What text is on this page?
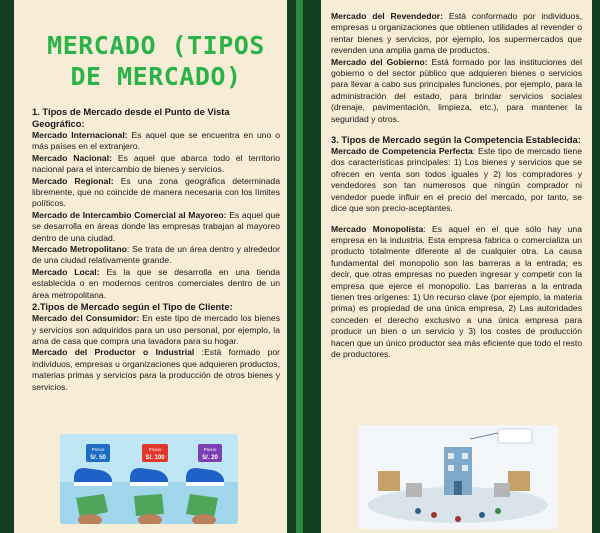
MERCADO (TIPOS DE MERCADO)

1. Tipos de Mercado desde el Punto de Vista Geográfico:

Mercado Internacional: Es aquel que se encuentra en uno o más países en el extranjero.

Mercado Nacional: Es aquel que abarca todo el territorio nacional para el intercambio de bienes y servicios.

Mercado Regional: Es una zona geográfica determinada libremente, que no coincide de manera necesaria con los límites políticos.

Mercado de Intercambio Comercial al Mayoreo: Es aquel que se desarrolla en áreas donde las empresas trabajan al mayoreo dentro de una ciudad.

Mercado Metropolitano: Se trata de un área dentro y alrededor de una ciudad relativamente grande.

Mercado Local: Es la que se desarrolla en una tienda establecida o en modernos centros comerciales dentro de un área metropolitana.

2.Tipos de Mercado según el Tipo de Cliente:

Mercado del Consumidor: En este tipo de mercado los bienes y servicios son adquiridos para un uso personal, por ejemplo, la ama de casa que compra una lavadora para su hogar.

Mercado del Productor o Industrial :Está formado por individuos, empresas u organizaciones que adquieren productos, materias primas y servicios para la producción de otros bienes y servicios.

Precio
S/. 50
Precio
S/. 100
Precio
S/. 20

Mercado del Revendedor: Está conformado por individuos, empresas u organizaciones que obtienen utilidades al revender o rentar bienes y servicios, por ejemplo, los supermercados que revenden una amplia gama de productos.

Mercado del Gobierno: Está formado por las instituciones del gobierno o del sector público que adquieren bienes o servicios para llevar a cabo sus principales funciones, por ejemplo, para la administración del estado, para brindar servicios sociales (drenaje, pavimentación, limpieza, etc.), para mantener la seguridad y otros.

3. Tipos de Mercado según la Competencia Establecida:

Mercado de Competencia Perfecta: Este tipo de mercado tiene dos características principales: 1) Los bienes y servicios que se ofrecen en venta son todos iguales y 2) los compradores y vendedores son tan numerosos que ningún comprador ni vendedor puede influir en el precio del mercado, por tanto, se dice que son precio-aceptantes.

Mercado Monopolista: Es aquel en el que sólo hay una empresa en la industria. Esta empresa fabrica o comercializa un producto totalmente diferente al de cualquier otra. La causa fundamental del monopolio son las barreras a la entrada; es decir, que otras empresas no pueden ingresar y competir con la empresa que ejerce el monopolio. Las barreras a la entrada tienen tres orígenes: 1) Un recurso clave (por ejemplo, la materia prima) es propiedad de una única empresa, 2) Las autoridades conceden el derecho exclusivo a una única empresa para producir un bien o un servicio y 3) los costes de producción hacen que un único productor sea más eficiente que todo el resto de productores.
